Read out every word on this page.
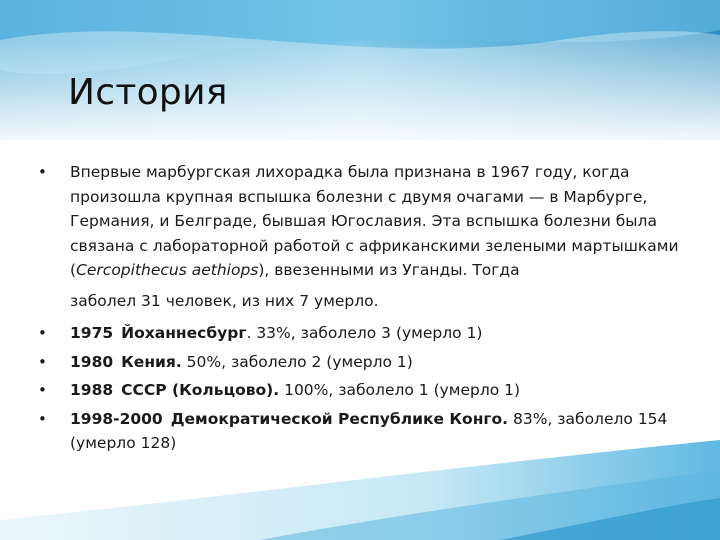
История
•	Впервые марбургская лихорадка была признана в 1967 году, когда произошла крупная вспышка болезни с двумя очагами — в Марбурге, Германия, и Белграде, бывшая Югославия. Эта вспышка болезни была связана с лабораторной работой с африканскими зелеными мартышками (Cercopithecus aethiops), ввезенными из Уганды. Тогда
заболел 31 человек, из них 7 умерло.
•	1975 Йоханнесбург. 33%, заболело 3 (умерло 1)
•	1980 Кения. 50%, заболело 2 (умерло 1)
•	1988 СССР (Кольцово). 100%, заболело 1 (умерло 1)
•	1998-2000 Демократической Республике Конго. 83%, заболело 154 (умерло 128)
